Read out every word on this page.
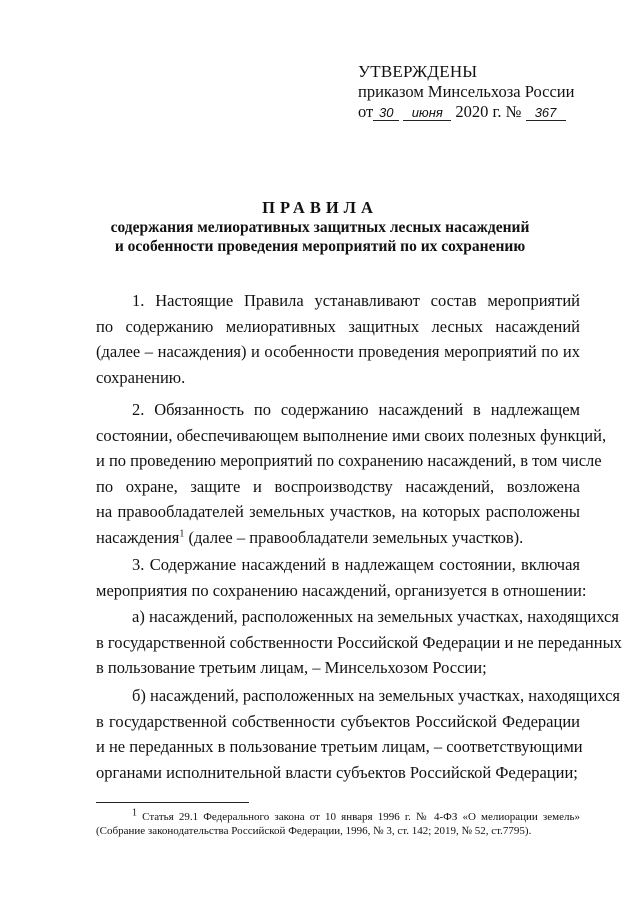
УТВЕРЖДЕНЫ
приказом Минсельхоза России
от 30 июня 2020 г. № 367
ПРАВИЛА
содержания мелиоративных защитных лесных насаждений
и особенности проведения мероприятий по их сохранению
1. Настоящие Правила устанавливают состав мероприятий
по содержанию мелиоративных защитных лесных насаждений
(далее – насаждения) и особенности проведения мероприятий по их
сохранению.
2. Обязанность по содержанию насаждений в надлежащем
состоянии, обеспечивающем выполнение ими своих полезных функций,
и по проведению мероприятий по сохранению насаждений, в том числе
по охране, защите и воспроизводству насаждений, возложена
на правообладателей земельных участков, на которых расположены
насаждения$^1$ (далее – правообладатели земельных участков).
3. Содержание насаждений в надлежащем состоянии, включая
мероприятия по сохранению насаждений, организуется в отношении:
а) насаждений, расположенных на земельных участках, находящихся
в государственной собственности Российской Федерации и не переданных
в пользование третьим лицам, – Минсельхозом России;
б) насаждений, расположенных на земельных участках, находящихся
в государственной собственности субъектов Российской Федерации
и не переданных в пользование третьим лицам, – соответствующими
органами исполнительной власти субъектов Российской Федерации;
$^1$ Статья 29.1 Федерального закона от 10 января 1996 г. № 4-ФЗ «О мелиорации земель»
(Собрание законодательства Российской Федерации, 1996, № 3, ст. 142; 2019, № 52, ст.7795).
